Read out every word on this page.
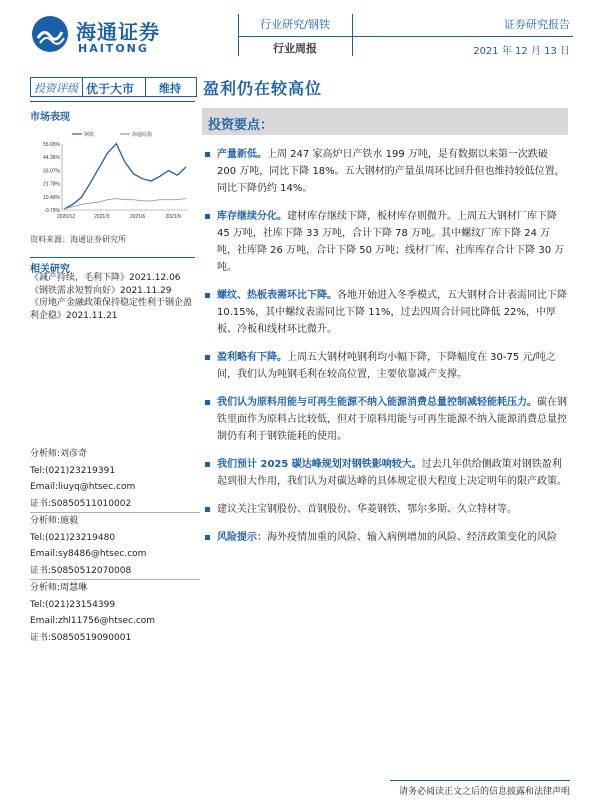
海通证券
HAITONG
行业研究/钢铁
行业周报
证券研究报告
2021 年 12 月 13 日
投资评级 优于大市 维持 盈利仍在较高位
市场表现
55.65%
44.36%
33.07%
21.78%
10.49%
-0.79%
2020/12	2021/3	2021/6	2021/9
钢铁	海通综指
资料来源：海通证券研究所
相关研究
《减产持续，毛利下降》2021.12.06
《钢铁需求短暂向好》2021.11.29
《房地产金融政策保持稳定性利于钢企盈利企稳》2021.11.21
分析师:刘彦奇
Tel:(021)23219391
Email:liuyq@htsec.com
证书:S0850511010002
分析师:施毅
Tel:(021)23219480
Email:sy8486@htsec.com
证书:S0850512070008
分析师:周慧琳
Tel:(021)23154399
Email:zhl11756@htsec.com
证书:S0850519090001
投资要点：
产量新低。上周 247 家高炉日产铁水 199 万吨，是有数据以来第一次跌破 200 万吨，同比下降 18%。五大钢材的产量虽周环比回升但也维持较低位置，同比下降仍约 14%。
库存继续分化。建材库存继续下降，板材库存则微升。上周五大钢材厂库下降 45 万吨，社库下降 33 万吨，合计下降 78 万吨。其中螺纹厂库下降 24 万吨，社库降 26 万吨，合计下降 50 万吨；线材厂库、社库库存合计下降 30 万吨。
螺纹、热板表需环比下降。各地开始进入冬季模式，五大钢材合计表需同比下降 10.15%，其中螺纹表需同比下降 11%，过去四周合计同比降低 22%，中厚板、冷板和线材环比微升。
盈利略有下降。上周五大钢材吨钢利均小幅下降，下降幅度在 30-75 元/吨之间，我们认为吨钢毛利在较高位置，主要依靠减产支撑。
我们认为原料用能与可再生能源不纳入能源消费总量控制减轻能耗压力。碳在钢铁里面作为原料占比较低，但对于原料用能与可再生能源不纳入能源消费总量控制仍有利于钢铁能耗的使用。
我们预计 2025 碳达峰规划对钢铁影响较大。过去几年供给侧政策对钢铁盈利起到很大作用，我们认为对碳达峰的具体规定很大程度上决定明年的限产政策。
建议关注宝钢股份、首钢股份、华菱钢铁、鄂尔多斯、久立特材等。
风险提示：海外疫情加重的风险、输入病例增加的风险、经济政策变化的风险
请务必阅读正文之后的信息披露和法律声明
